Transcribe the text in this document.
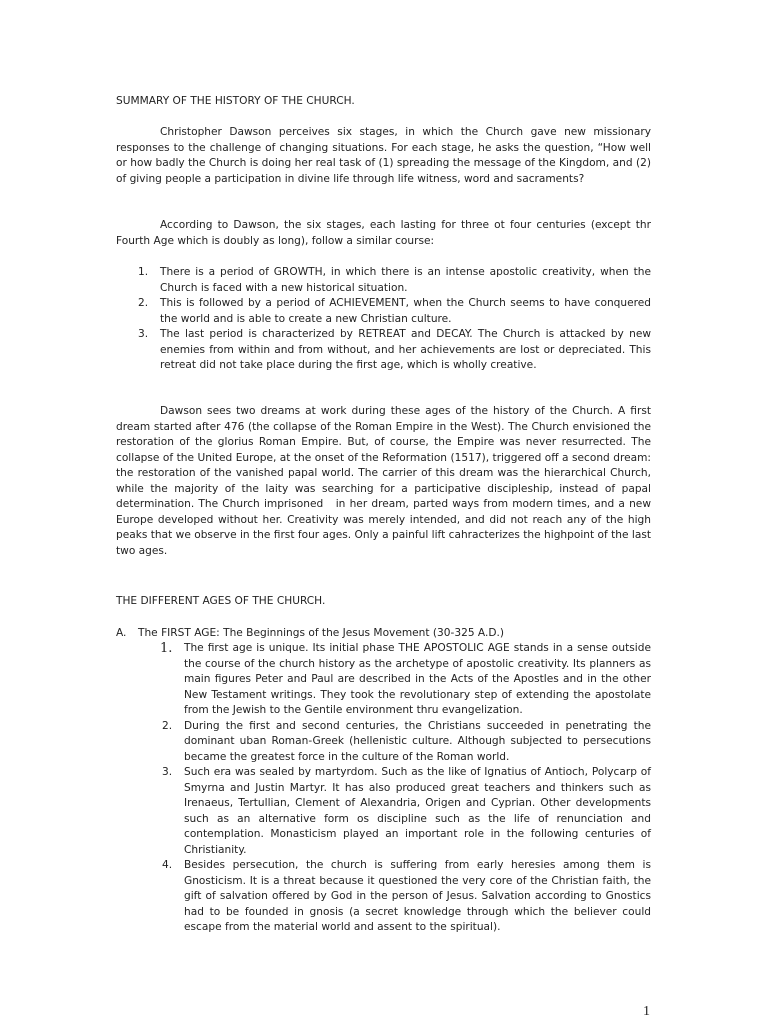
SUMMARY OF THE HISTORY OF THE CHURCH.

Christopher Dawson perceives six stages, in which the Church gave new missionary responses to the challenge of changing situations. For each stage, he asks the question, “How well or how badly the Church is doing her real task of (1) spreading the message of the Kingdom, and (2) of giving people a participation in divine life through life witness, word and sacraments?

According to Dawson, the six stages, each lasting for three ot four centuries (except thr Fourth Age which is doubly as long), follow a similar course:

1. There is a period of GROWTH, in which there is an intense apostolic creativity, when the Church is faced with a new historical situation.
2. This is followed by a period of ACHIEVEMENT, when the Church seems to have conquered the world and is able to create a new Christian culture.
3. The last period is characterized by RETREAT and DECAY. The Church is attacked by new enemies from within and from without, and her achievements are lost or depreciated. This retreat did not take place during the first age, which is wholly creative.

Dawson sees two dreams at work during these ages of the history of the Church. A first dream started after 476 (the collapse of the Roman Empire in the West). The Church envisioned the restoration of the glorius Roman Empire. But, of course, the Empire was never resurrected. The collapse of the United Europe, at the onset of the Reformation (1517), triggered off a second dream: the restoration of the vanished papal world. The carrier of this dream was the hierarchical Church, while the majority of the laity was searching for a participative discipleship, instead of papal determination. The Church imprisoned   in her dream, parted ways from modern times, and a new Europe developed without her. Creativity was merely intended, and did not reach any of the high peaks that we observe in the first four ages. Only a painful lift cahracterizes the highpoint of the last two ages.

THE DIFFERENT AGES OF THE CHURCH.
A. The FIRST AGE: The Beginnings of the Jesus Movement (30-325 A.D.)
1. The first age is unique. Its initial phase THE APOSTOLIC AGE stands in a sense outside the course of the church history as the archetype of apostolic creativity. Its planners as main figures Peter and Paul are described in the Acts of the Apostles and in the other New Testament writings. They took the revolutionary step of extending the apostolate from the Jewish to the Gentile environment thru evangelization.
2. During the first and second centuries, the Christians succeeded in penetrating the dominant uban Roman-Greek (hellenistic culture. Although subjected to persecutions became the greatest force in the culture of the Roman world.
3. Such era was sealed by martyrdom. Such as the like of Ignatius of Antioch, Polycarp of Smyrna and Justin Martyr. It has also produced great teachers and thinkers such as Irenaeus, Tertullian, Clement of Alexandria, Origen and Cyprian. Other developments such as an alternative form os discipline such as the life of renunciation and contemplation. Monasticism played an important role in the following centuries of Christianity.
4. Besides persecution, the church is suffering from early heresies among them is Gnosticism. It is a threat because it questioned the very core of the Christian faith, the gift of salvation offered by God in the person of Jesus. Salvation according to Gnostics had to be founded in gnosis (a secret knowledge through which the believer could escape from the material world and assent to the spiritual).
1
